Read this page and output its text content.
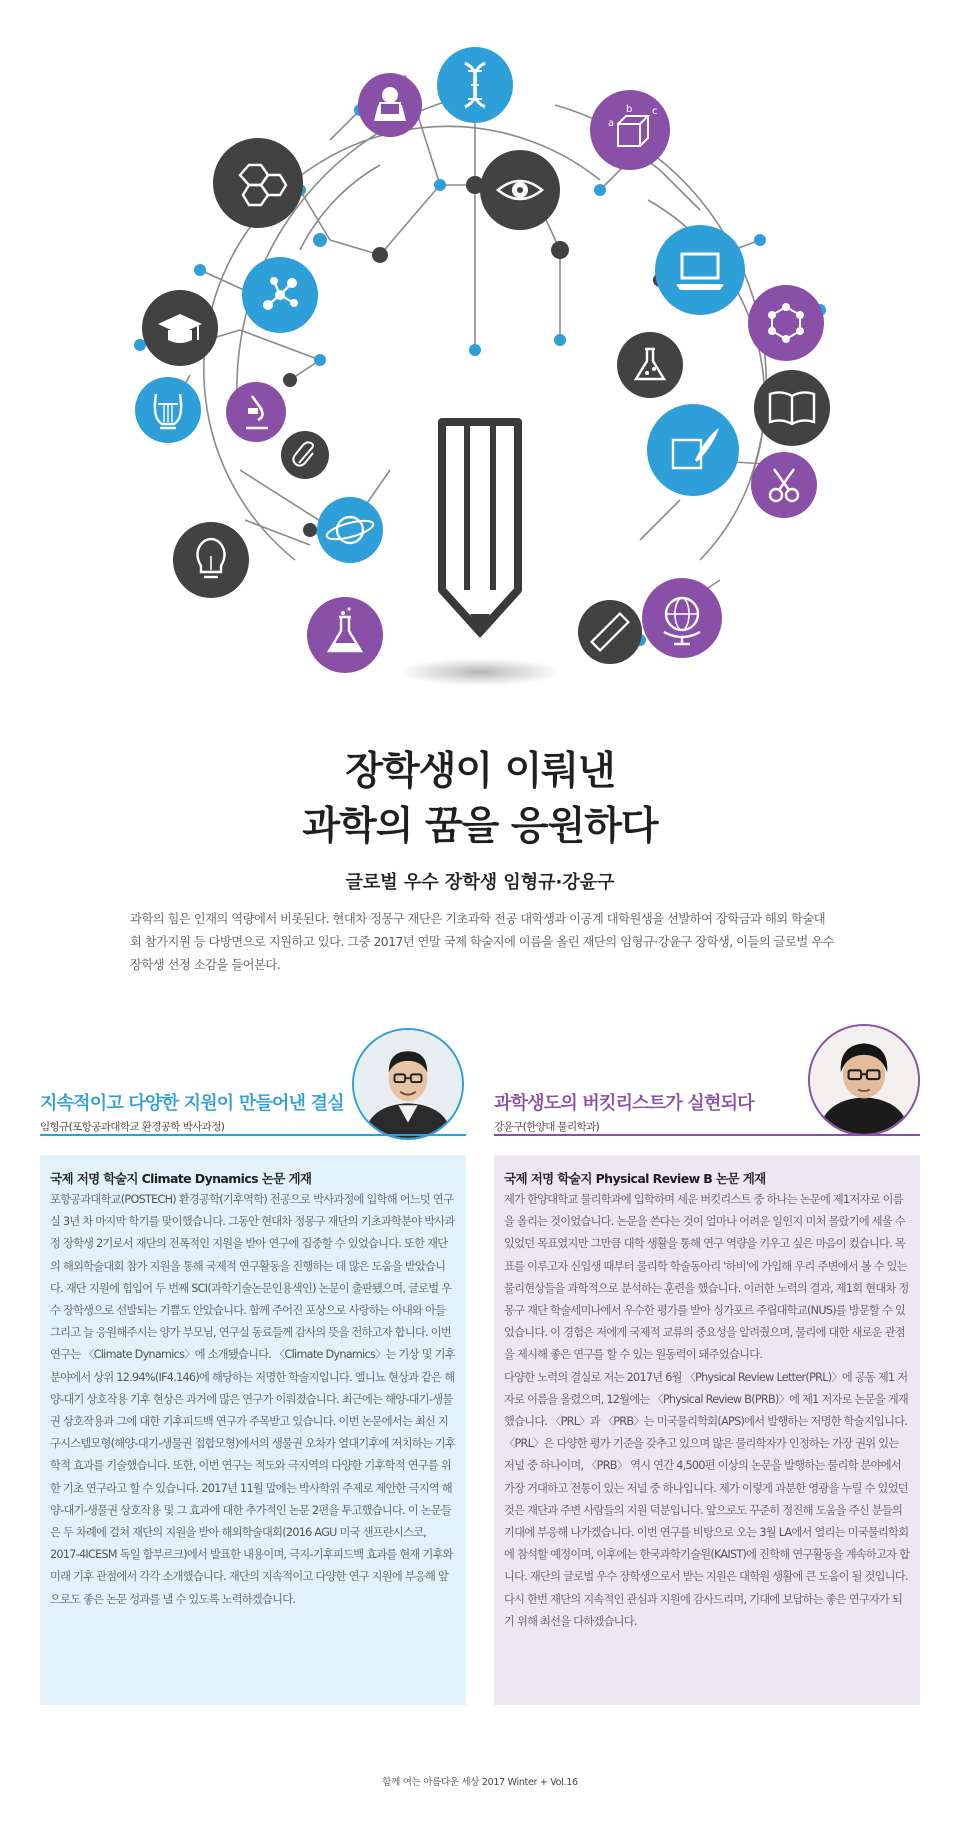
b
a
c
장학생이 이뤄낸
과학의 꿈을 응원하다
글로벌 우수 장학생 임형규·강윤구
과학의 힘은 인재의 역량에서 비롯된다. 현대차 정몽구 재단은 기초과학 전공 대학생과 이공계 대학원생을 선발하여 장학금과 해외 학술대회 참가지원 등 다방면으로 지원하고 있다. 그중 2017년 연말 국제 학술지에 이름을 올린 재단의 임형규·강윤구 장학생, 이들의 글로벌 우수 장학생 선정 소감을 들어본다.
지속적이고 다양한 지원이 만들어낸 결실
임형규(포항공과대학교 환경공학 박사과정)
국제 저명 학술지 Climate Dynamics 논문 게재

포항공과대학교(POSTECH) 환경공학(기후역학) 전공으로 박사과정에 입학해 어느덧 연구실 3년 차 마지막 학기를 맞이했습니다. 그동안 현대차 정몽구 재단의 기초과학분야 박사과정 장학생 2기로서 재단의 전폭적인 지원을 받아 연구에 집중할 수 있었습니다. 또한 재단의 해외학술대회 참가 지원을 통해 국제적 연구활동을 진행하는 데 많은 도움을 받았습니다. 재단 지원에 힘입어 두 번째 SCI(과학기술논문인용색인) 논문이 출판됐으며, 글로벌 우수 장학생으로 선발되는 기쁨도 안았습니다. 함께 주어진 포상으로 사랑하는 아내와 아들 그리고 늘 응원해주시는 양가 부모님, 연구실 동료들께 감사의 뜻을 전하고자 합니다. 이번 연구는 〈Climate Dynamics〉에 소개됐습니다. 〈Climate Dynamics〉는 기상 및 기후 분야에서 상위 12.94%(IF4.146)에 해당하는 저명한 학술지입니다. 엘니뇨 현상과 같은 해양-대기 상호작용 기후 현상은 과거에 많은 연구가 이뤄졌습니다. 최근에는 해양-대기-생물권 상호작용과 그에 대한 기후피드백 연구가 주목받고 있습니다. 이번 논문에서는 최신 지구시스템모형(해양-대기-생물권 접합모형)에서의 생물권 오차가 열대기후에 저치하는 기후학적 효과를 기술했습니다. 또한, 이번 연구는 적도와 극지역의 다양한 기후학적 연구를 위한 기초 연구라고 할 수 있습니다. 2017년 11월 말에는 박사학위 주제로 제안한 극지역 해양-대기-생물권 상호작용 및 그 효과에 대한 추가적인 논문 2편을 투고했습니다. 이 논문들은 두 차례에 걸쳐 재단의 지원을 받아 해외학술대회(2016 AGU 미국 샌프란시스코, 2017-4ICESM 독일 함부르크)에서 발표한 내용이며, 극지-기후피드백 효과를 현재 기후와 미래 기후 관점에서 각각 소개했습니다. 재단의 지속적이고 다양한 연구 지원에 부응해 앞으로도 좋은 논문 성과를 낼 수 있도록 노력하겠습니다.

과학생도의 버킷리스트가 실현되다
강윤구(한양대 물리학과)
국제 저명 학술지 Physical Review B 논문 게재

제가 한양대학교 물리학과에 입학하며 세운 버킷리스트 중 하나는 논문에 제1저자로 이름을 올리는 것이었습니다. 논문을 쓴다는 것이 얼마나 어려운 일인지 미처 몰랐기에 세울 수 있었던 목표였지만 그만큼 대학 생활을 통해 연구 역량을 키우고 싶은 마음이 컸습니다. 목표를 이루고자 신입생 때부터 물리학 학술동아리 '하비'에 가입해 우리 주변에서 볼 수 있는 물리현상들을 과학적으로 분석하는 훈련을 했습니다. 이러한 노력의 결과, 제1회 현대차 정몽구 재단 학술세미나에서 우수한 평가를 받아 싱가포르 주립대학교(NUS)를 방문할 수 있었습니다. 이 경험은 저에게 국제적 교류의 중요성을 알려줬으며, 물리에 대한 새로운 관점을 제시해 좋은 연구를 할 수 있는 원동력이 돼주었습니다.

다양한 노력의 결실로 저는 2017년 6월 〈Physical Review Letter(PRL)〉에 공동 제1 저자로 이름을 올렸으며, 12월에는 〈Physical Review B(PRB)〉에 제1 저자로 논문을 게재했습니다. 〈PRL〉과 〈PRB〉는 미국물리학회(APS)에서 발행하는 저명한 학술지입니다. 〈PRL〉은 다양한 평가 기준을 갖추고 있으며 많은 물리학자가 인정하는 가장 권위 있는 저널 중 하나이며, 〈PRB〉 역시 연간 4,500편 이상의 논문을 발행하는 물리학 분야에서 가장 거대하고 전통이 있는 저널 중 하나입니다. 제가 이렇게 과분한 영광을 누릴 수 있었던 것은 재단과 주변 사람들의 지원 덕분입니다. 앞으로도 꾸준히 정진해 도움을 주신 분들의 기대에 부응해 나가겠습니다. 이번 연구를 비탕으로 오는 3월 LA에서 열리는 미국물리학회에 참석할 예정이며, 이후에는 한국과학기술원(KAIST)에 진학해 연구활동을 계속하고자 합니다. 재단의 글로벌 우수 장학생으로서 받는 지원은 대학원 생활에 큰 도움이 될 것입니다. 다시 한번 재단의 지속적인 관심과 지원에 감사드리며, 기대에 보답하는 좋은 연구자가 되기 위해 최선을 다하겠습니다.

함께 여는 아름다운 세상 2017 Winter + Vol.16
